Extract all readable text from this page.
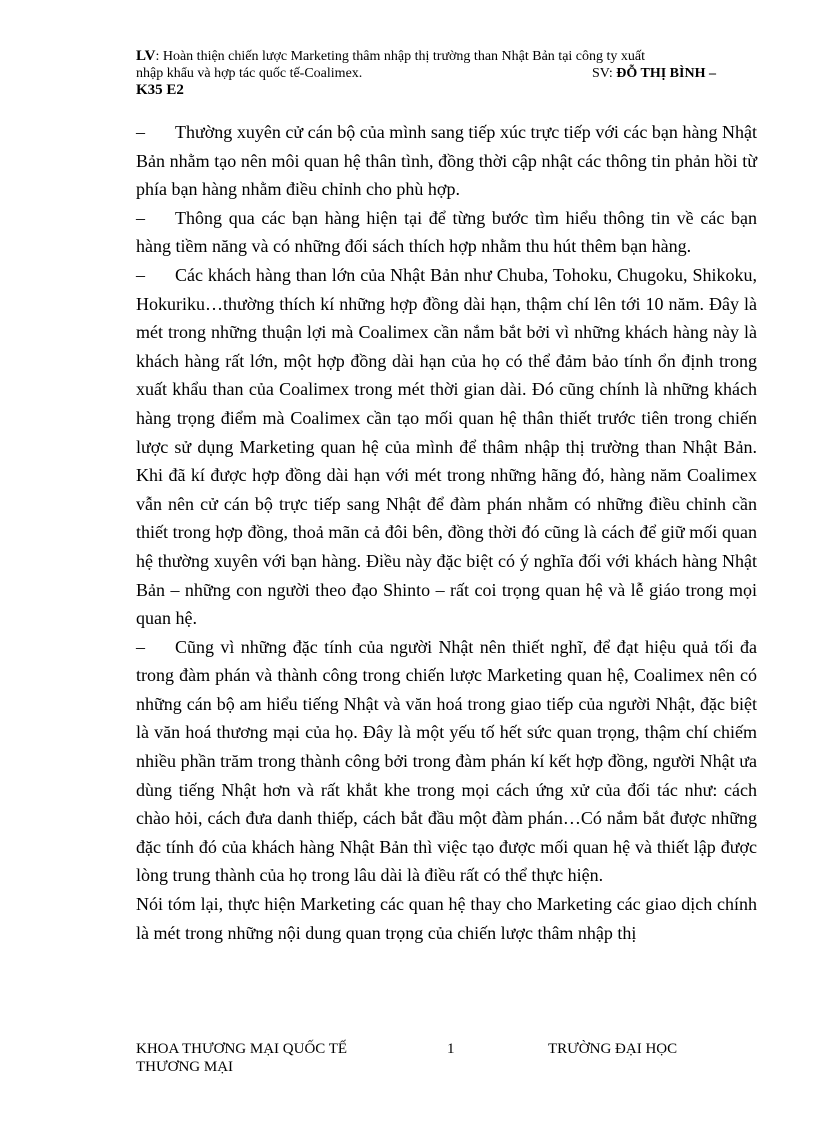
LV: Hoàn thiện chiến lược Marketing thâm nhập thị trường than Nhật Bản tại công ty xuất
nhập khẩu và hợp tác quốc tế-Coalimex.	SV: ĐỖ THỊ BÌNH –
K35 E2

– Thường xuyên cử cán bộ của mình sang tiếp xúc trực tiếp với các bạn hàng Nhật Bản nhằm tạo nên môi quan hệ thân tình, đồng thời cập nhật các thông tin phản hồi từ phía bạn hàng nhằm điều chỉnh cho phù hợp.

– Thông qua các bạn hàng hiện tại để từng bước tìm hiểu thông tin về các bạn hàng tiềm năng và có những đối sách thích hợp nhằm thu hút thêm bạn hàng.

– Các khách hàng than lớn của Nhật Bản như Chuba, Tohoku, Chugoku, Shikoku, Hokuriku…thường thích kí những hợp đồng dài hạn, thậm chí lên tới 10 năm. Đây là mét trong những thuận lợi mà Coalimex cần nắm bắt bởi vì những khách hàng này là khách hàng rất lớn, một hợp đồng dài hạn của họ có thể đảm bảo tính ổn định trong xuất khẩu than của Coalimex trong mét thời gian dài. Đó cũng chính là những khách hàng trọng điểm mà Coalimex cần tạo mối quan hệ thân thiết trước tiên trong chiến lược sử dụng Marketing quan hệ của mình để thâm nhập thị trường than Nhật Bản. Khi đã kí được hợp đồng dài hạn với mét trong những hãng đó, hàng năm Coalimex vẫn nên cử cán bộ trực tiếp sang Nhật để đàm phán nhằm có những điều chỉnh cần thiết trong hợp đồng, thoả mãn cả đôi bên, đồng thời đó cũng là cách để giữ mối quan hệ thường xuyên với bạn hàng. Điều này đặc biệt có ý nghĩa đối với khách hàng Nhật Bản – những con người theo đạo Shinto – rất coi trọng quan hệ và lễ giáo trong mọi quan hệ.

– Cũng vì những đặc tính của người Nhật nên thiết nghĩ, để đạt hiệu quả tối đa trong đàm phán và thành công trong chiến lược Marketing quan hệ, Coalimex nên có những cán bộ am hiểu tiếng Nhật và văn hoá trong giao tiếp của người Nhật, đặc biệt là văn hoá thương mại của họ. Đây là một yếu tố hết sức quan trọng, thậm chí chiếm nhiều phần trăm trong thành công bởi trong đàm phán kí kết hợp đồng, người Nhật ưa dùng tiếng Nhật hơn và rất khắt khe trong mọi cách ứng xử của đối tác như: cách chào hỏi, cách đưa danh thiếp, cách bắt đầu một đàm phán…Có nắm bắt được những đặc tính đó của khách hàng Nhật Bản thì việc tạo được mối quan hệ và thiết lập được lòng trung thành của họ trong lâu dài là điều rất có thể thực hiện.

Nói tóm lại, thực hiện Marketing các quan hệ thay cho Marketing các giao dịch chính là mét trong những nội dung quan trọng của chiến lược thâm nhập thị

KHOA THƯƠNG MẠI QUỐC TẾ THƯƠNG MẠI
1	TRƯỜNG ĐẠI HỌC
